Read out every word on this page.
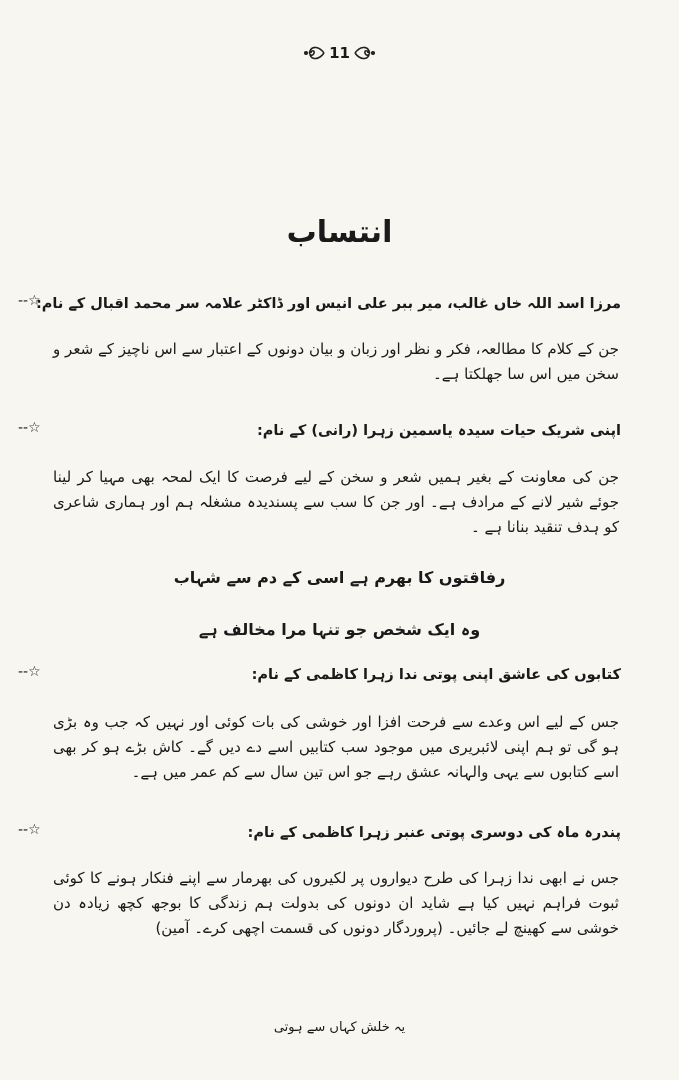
11
انتساب
مرزا اسد اللہ خاں غالب، میر ببر علی انیس اور ڈاکٹر علامہ سر محمد اقبال کے نام:
جن کے کلام کا مطالعہ، فکر و نظر اور زبان و بیان دونوں کے اعتبار سے اس ناچیز کے شعر و سخن میں اس سا جھلکتا ہے۔
اپنی شریک حیات سیدہ یاسمین زہرا (رانی) کے نام:
جن کی معاونت کے بغیر ہمیں شعر و سخن کے لیے فرصت کا ایک لمحہ بھی مہیا کر لینا جوئے شیر لانے کے مرادف ہے۔ اور جن کا سب سے پسندیدہ مشغلہ ہم اور ہماری شاعری کو ہدف تنقید بنانا ہے ۔
رفاقتوں کا بھرم ہے اسی کے دم سے شہاب
وہ ایک شخص جو تنہا مرا مخالف ہے
کتابوں کی عاشق اپنی پوتی ندا زہرا کاظمی کے نام:
جس کے لیے اس وعدے سے فرحت افزا اور خوشی کی بات کوئی اور نہیں کہ جب وہ بڑی ہو گی تو ہم اپنی لائبریری میں موجود سب کتابیں اسے دے دیں گے۔ کاش بڑے ہو کر بھی اسے کتابوں سے یہی والہانہ عشق رہے جو اس تین سال سے کم عمر میں ہے۔
پندرہ ماہ کی دوسری پوتی عنبر زہرا کاظمی کے نام:
جس نے ابھی ندا زہرا کی طرح دیواروں پر لکیروں کی بھرمار سے اپنے فنکار ہونے کا کوئی ثبوت فراہم نہیں کیا ہے شاید ان دونوں کی بدولت ہم زندگی کا بوجھ کچھ زیادہ دن خوشی سے کھینچ لے جائیں۔ (پروردگار دونوں کی قسمت اچھی کرے۔ آمین)
--☆
--☆
--☆
--☆
یہ خلش کہاں سے ہوتی
